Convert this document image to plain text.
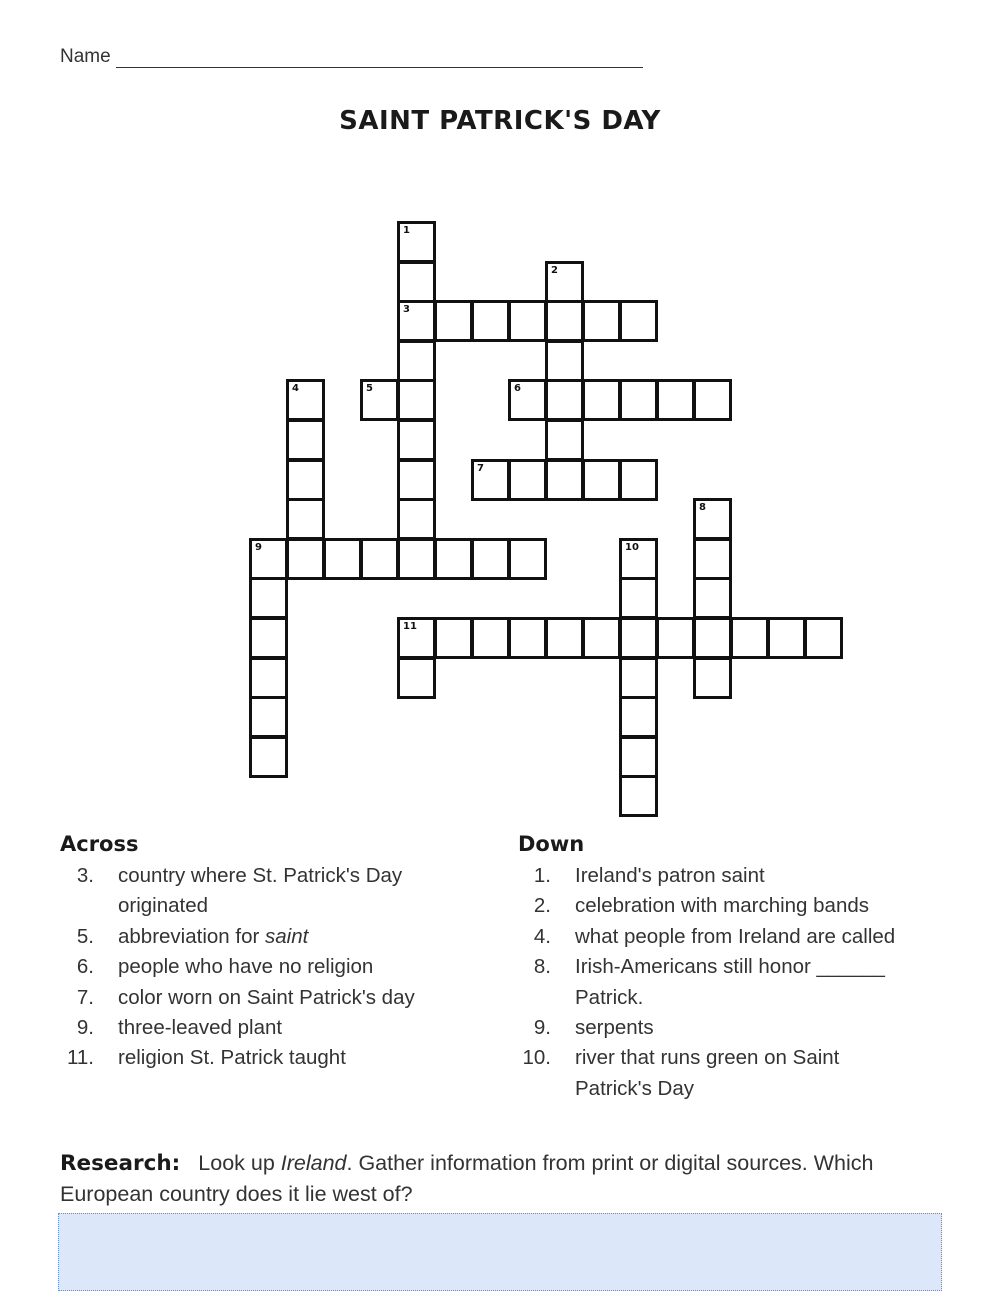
Name
SAINT PATRICK'S DAY
1
2
3
4	5	6
7
8
9	10
11
Across
3. country where St. Patrick's Day originated
5. abbreviation for saint
6. people who have no religion
7. color worn on Saint Patrick's day
9. three-leaved plant
11. religion St. Patrick taught
Down
1. Ireland's patron saint
2. celebration with marching bands
4. what people from Ireland are called
8. Irish-Americans still honor ______ Patrick.
9. serpents
10. river that runs green on Saint Patrick's Day
Research: Look up Ireland. Gather information from print or digital sources. Which European country does it lie west of?
